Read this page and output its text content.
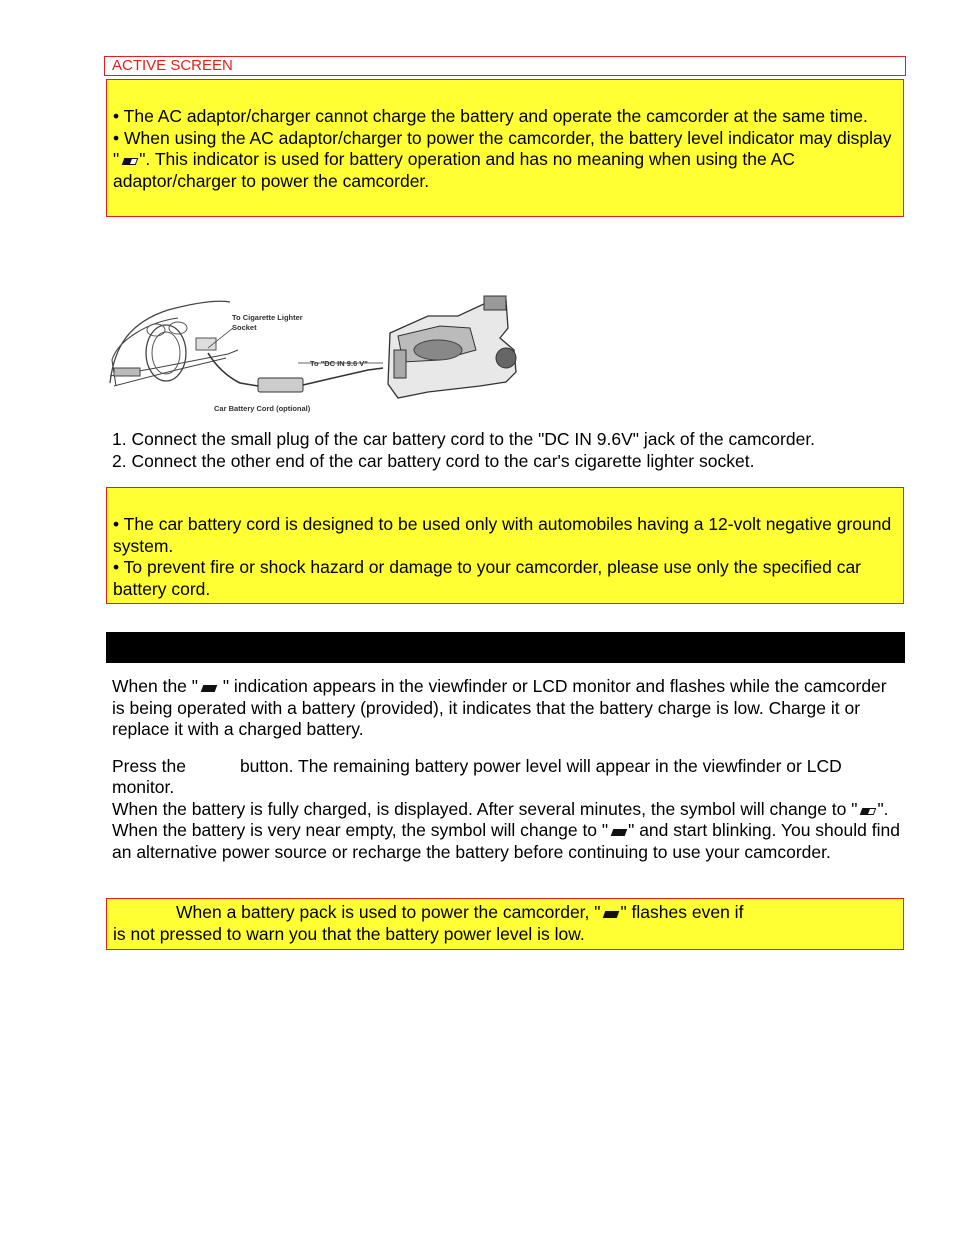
ACTIVE SCREEN

• The AC adaptor/charger cannot charge the battery and operate the camcorder at the same time.

• When using the AC adaptor/charger to power the camcorder, the battery level indicator may display " ". This indicator is used for battery operation and has no meaning when using the AC adaptor/charger to power the camcorder.

To Cigarette Lighter
Socket
To "DC IN 9.6 V"
Car Battery Cord (optional)

1. Connect the small plug of the car battery cord to the "DC IN 9.6V" jack of the camcorder.

2. Connect the other end of the car battery cord to the car's cigarette lighter socket.

• The car battery cord is designed to be used only with automobiles having a 12-volt negative ground system.

• To prevent fire or shock hazard or damage to your camcorder, please use only the specified car battery cord.

When the " " indication appears in the viewfinder or LCD monitor and flashes while the camcorder is being operated with a battery (provided), it indicates that the battery charge is low. Charge it or replace it with a charged battery.

Press the	button. The remaining battery power level will appear in the viewfinder or LCD monitor.

When the battery is fully charged, is displayed. After several minutes, the symbol will change to " ". When the battery is very near empty, the symbol will change to " " and start blinking. You should find an alternative power source or recharge the battery before continuing to use your camcorder.

When a battery pack is used to power the camcorder, " " flashes even if

is not pressed to warn you that the battery power level is low.
